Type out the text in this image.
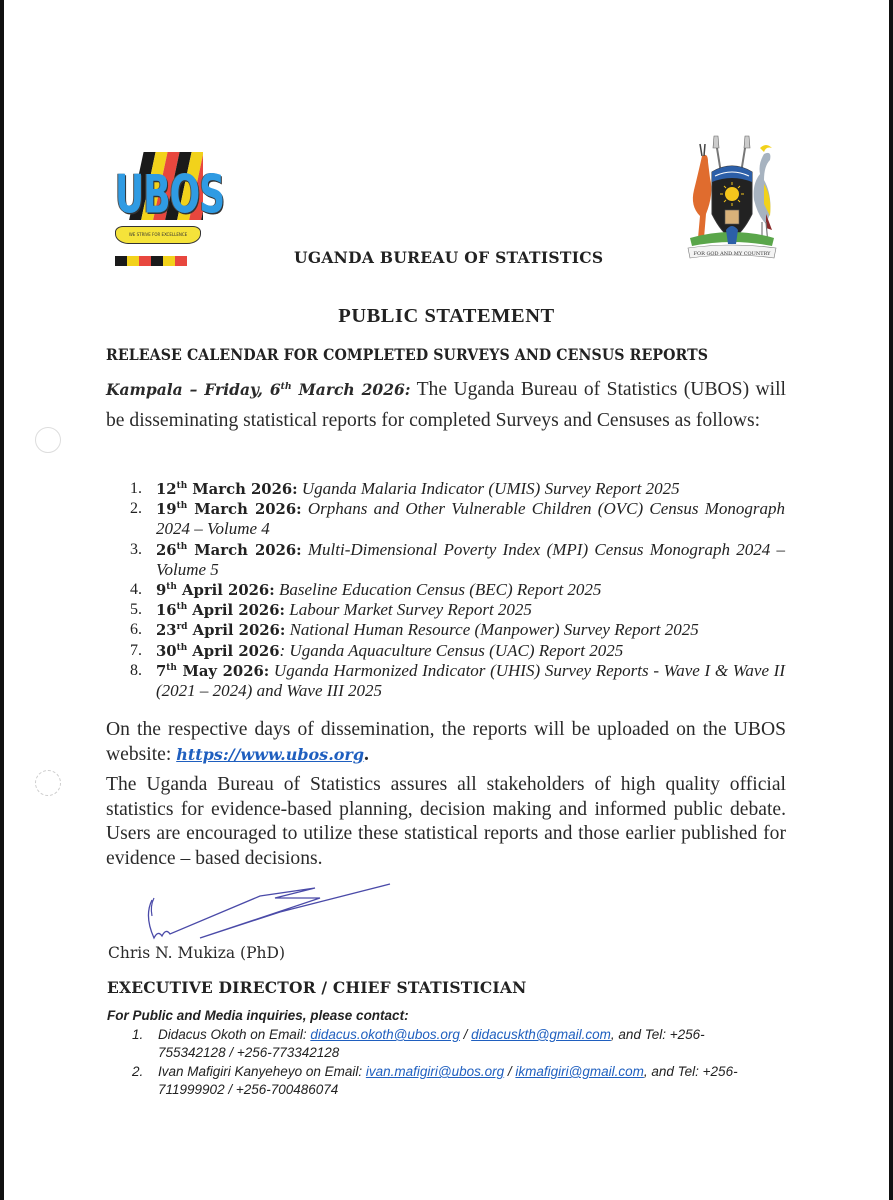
UBOS
WE STRIVE FOR EXCELLENCE
FOR GOD AND MY COUNTRY
UGANDA BUREAU OF STATISTICS
PUBLIC STATEMENT
RELEASE CALENDAR FOR COMPLETED SURVEYS AND CENSUS REPORTS
Kampala – Friday, 6th March 2026: The Uganda Bureau of Statistics (UBOS) will be disseminating statistical reports for completed Surveys and Censuses as follows:
1. 12th March 2026: Uganda Malaria Indicator (UMIS) Survey Report 2025
2. 19th March 2026: Orphans and Other Vulnerable Children (OVC) Census Monograph 2024 – Volume 4
3. 26th March 2026: Multi-Dimensional Poverty Index (MPI) Census Monograph 2024 – Volume 5
4. 9th April 2026: Baseline Education Census (BEC) Report 2025
5. 16th April 2026: Labour Market Survey Report 2025
6. 23rd April 2026: National Human Resource (Manpower) Survey Report 2025
7. 30th April 2026: Uganda Aquaculture Census (UAC) Report 2025
8. 7th May 2026: Uganda Harmonized Indicator (UHIS) Survey Reports - Wave I & Wave II (2021 – 2024) and Wave III 2025
On the respective days of dissemination, the reports will be uploaded on the UBOS website: https://www.ubos.org.
The Uganda Bureau of Statistics assures all stakeholders of high quality official statistics for evidence-based planning, decision making and informed public debate. Users are encouraged to utilize these statistical reports and those earlier published for evidence – based decisions.
Chris N. Mukiza (PhD)
EXECUTIVE DIRECTOR / CHIEF STATISTICIAN
For Public and Media inquiries, please contact:
1. Didacus Okoth on Email: didacus.okoth@ubos.org / didacuskth@gmail.com, and Tel: +256-755342128 / +256-773342128
2. Ivan Mafigiri Kanyeheyo on Email: ivan.mafigiri@ubos.org / ikmafigiri@gmail.com, and Tel: +256-711999902 / +256-700486074
